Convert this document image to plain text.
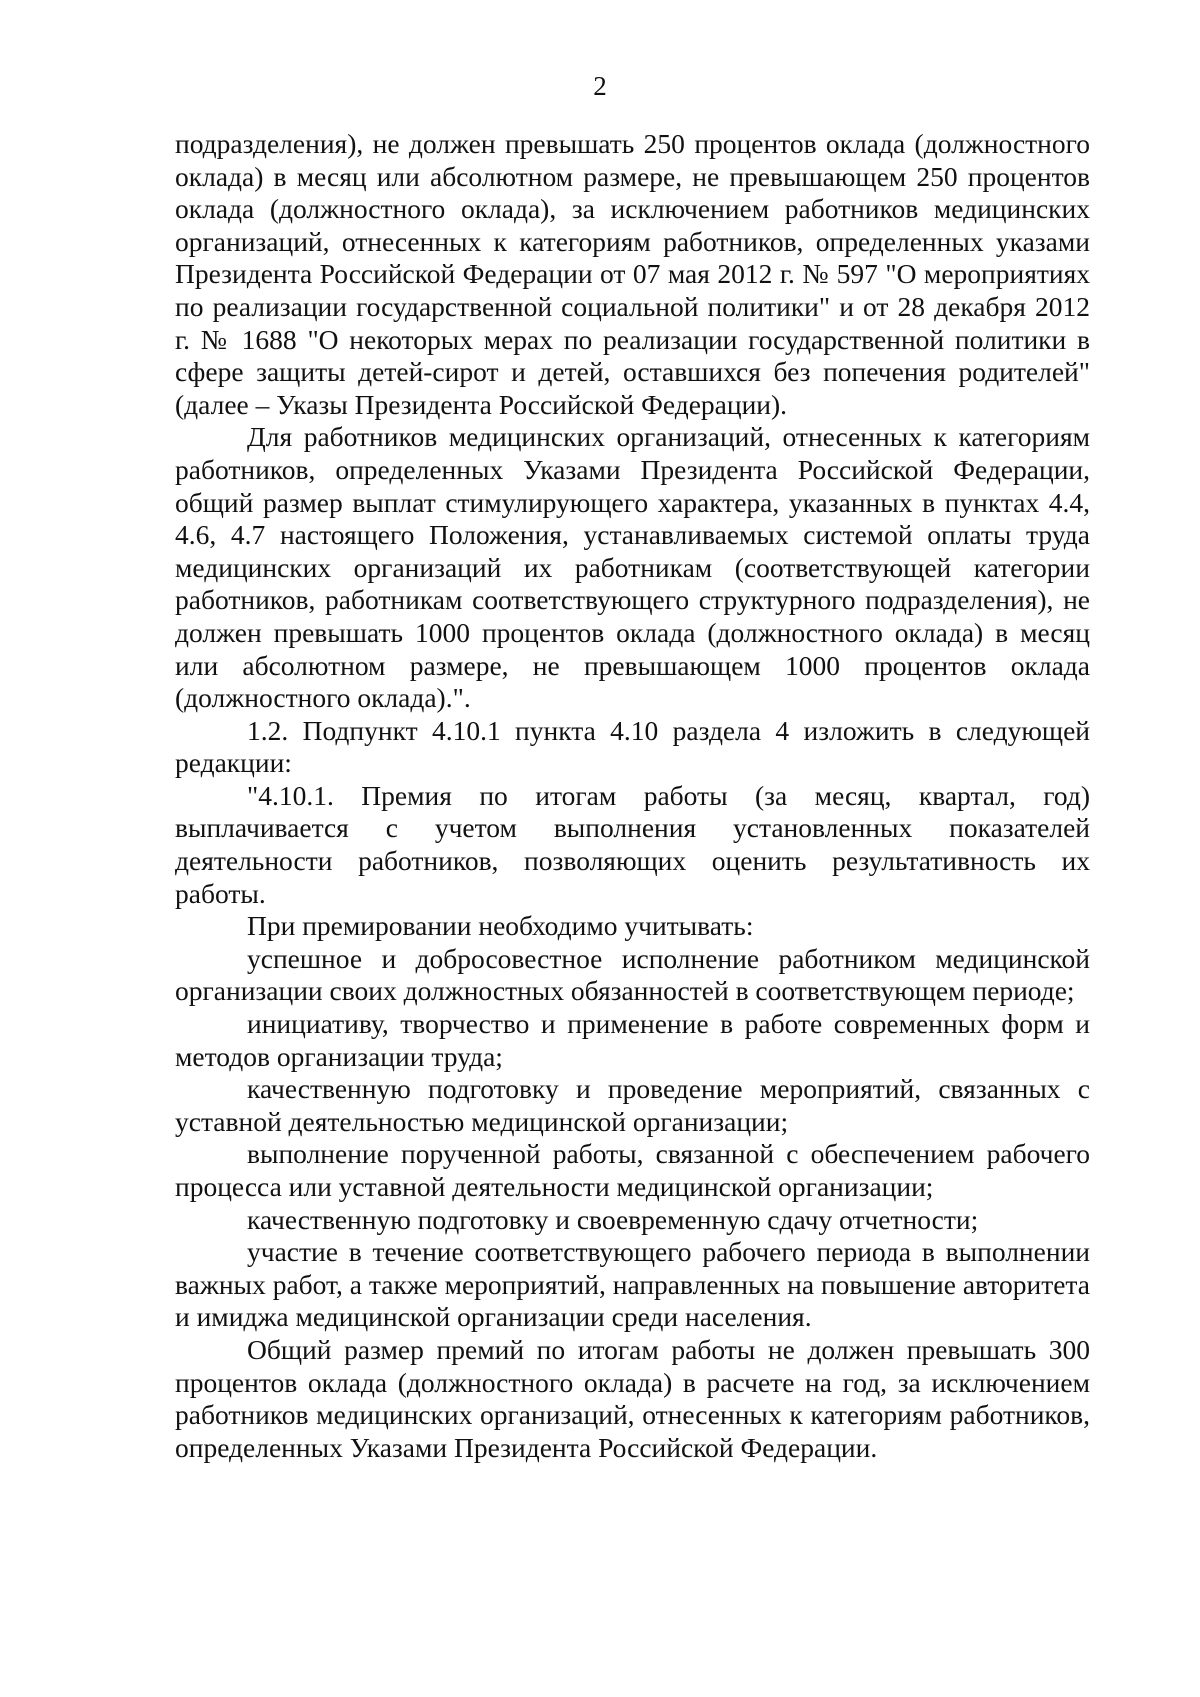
2

подразделения), не должен превышать 250 процентов оклада (должностного оклада) в месяц или абсолютном размере, не превышающем 250 процентов оклада (должностного оклада), за исключением работников медицинских организаций, отнесенных к категориям работников, определенных указами Президента Российской Федерации от 07 мая 2012 г. № 597 "О мероприятиях по реализации государственной социальной политики" и от 28 декабря 2012 г. № 1688 "О некоторых мерах по реализации государственной политики в сфере защиты детей-сирот и детей, оставшихся без попечения родителей" (далее – Указы Президента Российской Федерации).

Для работников медицинских организаций, отнесенных к категориям работников, определенных Указами Президента Российской Федерации, общий размер выплат стимулирующего характера, указанных в пунктах 4.4, 4.6, 4.7 настоящего Положения, устанавливаемых системой оплаты труда медицинских организаций их работникам (соответствующей категории работников, работникам соответствующего структурного подразделения), не должен превышать 1000 процентов оклада (должностного оклада) в месяц или абсолютном размере, не превышающем 1000 процентов оклада (должностного оклада).".

1.2. Подпункт 4.10.1 пункта 4.10 раздела 4 изложить в следующей редакции:

"4.10.1. Премия по итогам работы (за месяц, квартал, год) выплачивается с учетом выполнения установленных показателей деятельности работников, позволяющих оценить результативность их работы.

При премировании необходимо учитывать:

успешное и добросовестное исполнение работником медицинской организации своих должностных обязанностей в соответствующем периоде;

инициативу, творчество и применение в работе современных форм и методов организации труда;

качественную подготовку и проведение мероприятий, связанных с уставной деятельностью медицинской организации;

выполнение порученной работы, связанной с обеспечением рабочего процесса или уставной деятельности медицинской организации;

качественную подготовку и своевременную сдачу отчетности;

участие в течение соответствующего рабочего периода в выполнении важных работ, а также мероприятий, направленных на повышение авторитета и имиджа медицинской организации среди населения.

Общий размер премий по итогам работы не должен превышать 300 процентов оклада (должностного оклада) в расчете на год, за исключением работников медицинских организаций, отнесенных к категориям работников, определенных Указами Президента Российской Федерации.
